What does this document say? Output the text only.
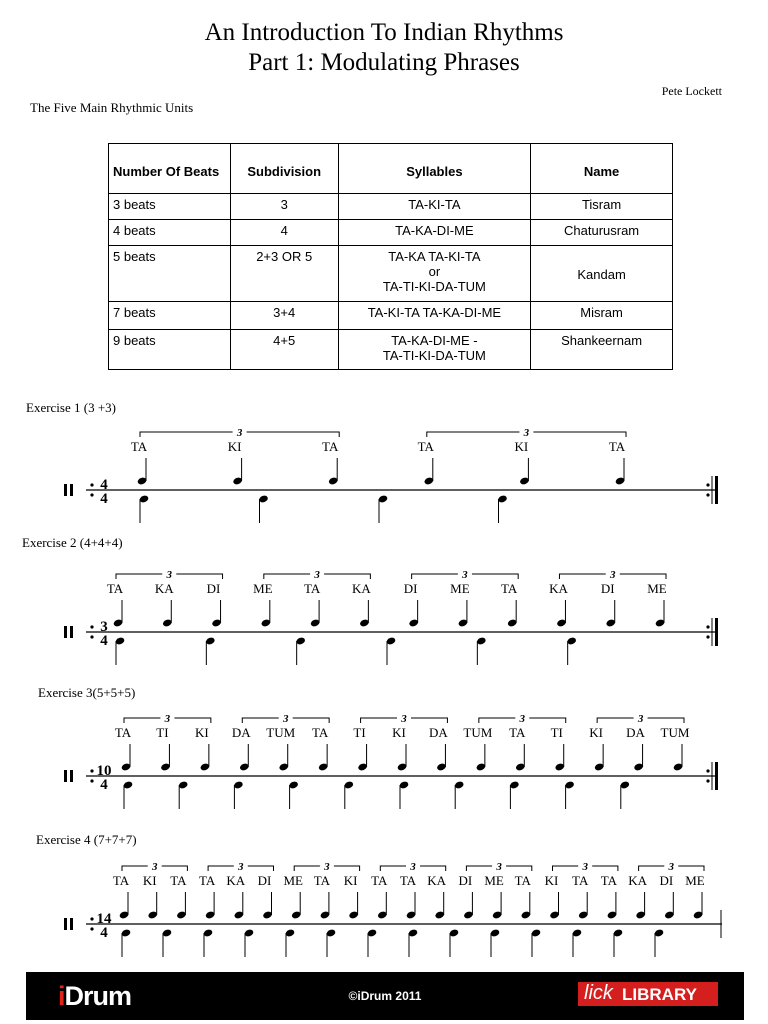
An Introduction To Indian Rhythms
Part 1: Modulating Phrases
Pete Lockett
The Five Main Rhythmic Units
Number Of Beats	Subdivision	Syllables	Name
3 beats	3	TA-KI-TA	Tisram
4 beats	4	TA-KA-DI-ME	Chaturusram
5 beats	2+3 OR 5	TA-KA TA-KI-TA
or
TA-TI-KI-DA-TUM	Kandam
7 beats	3+4	TA-KI-TA TA-KA-DI-ME	Misram
9 beats	4+5	TA-KA-DI-ME -
TA-TI-KI-DA-TUM	Shankeernam
Exercise 1 (3 +3)
4
4
3	3
TA	KI	TA	TA	KI	TA
Exercise 2 (4+4+4)
3
4
3	3	3	3
TA KA	DI	ME TA KA	DI	ME TA KA	DI	ME
Exercise 3(5+5+5)
10
4
3	3	3	3	3
TA TI KI DA TUM TA TI KI DA TUM TA TI KI DA TUM
Exercise 4 (7+7+7)
14
4
3	3	3	3	3	3	3
TA KI TA TA KA DI ME TA KI TA TA KA DI ME TA KI TA TA KA DI ME
iDrum	©iDrum 2011	lick LIBRARY
